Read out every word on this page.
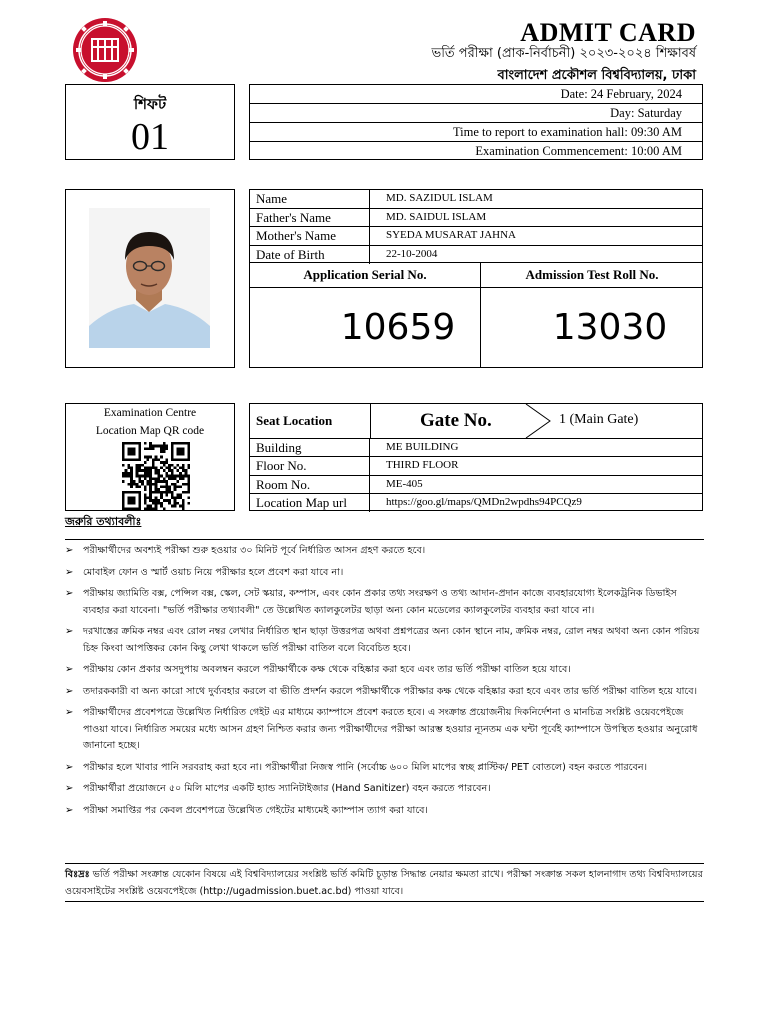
ADMIT CARD
ভর্তি পরীক্ষা (প্রাক-নির্বাচনী) ২০২৩-২০২৪ শিক্ষাবর্ষ
বাংলাদেশ প্রকৌশল বিশ্ববিদ্যালয়, ঢাকা
শিফট
01
Date: 24 February, 2024
Day: Saturday
Time to report to examination hall: 09:30 AM
Examination Commencement: 10:00 AM
Name	MD. SAZIDUL ISLAM
Father's Name	MD. SAIDUL ISLAM
Mother's Name	SYEDA MUSARAT JAHNA
Date of Birth	22-10-2004
Application Serial No.	Admission Test Roll No.
10659	13030
Examination Centre
Location Map QR code
Seat Location	Gate No.	1 (Main Gate)
Building	ME BUILDING
Floor No.	THIRD FLOOR
Room No.	ME-405
Location Map url	https://goo.gl/maps/QMDn2wpdhs94PCQz9
জরুরি তথ্যাবলীঃ
➢ পরীক্ষার্থীদের অবশ্যই পরীক্ষা শুরু হওয়ার ৩০ মিনিট পূর্বে নির্ধারিত আসন গ্রহণ করতে হবে।
➢ মোবাইল ফোন ও স্মার্ট ওয়াচ নিয়ে পরীক্ষার হলে প্রবেশ করা যাবে না।
➢ পরীক্ষায় জ্যামিতি বক্স, পেন্সিল বক্স, স্কেল, সেট স্কয়ার, কম্পাস, এবং কোন প্রকার তথ্য সংরক্ষণ ও তথ্য আদান-প্রদান কাজে ব্যবহারযোগ্য ইলেকট্রনিক ডিভাইস ব্যবহার করা যাবেনা। "ভর্তি পরীক্ষার তথ্যাবলী" তে উল্লেখিত ক্যালকুলেটর ছাড়া অন্য কোন মডেলের ক্যালকুলেটর ব্যবহার করা যাবে না।
➢ দরখাস্তের ক্রমিক নম্বর এবং রোল নম্বর লেখার নির্ধারিত স্থান ছাড়া উত্তরপত্র অথবা প্রশ্নপত্রের অন্য কোন স্থানে নাম, ক্রমিক নম্বর, রোল নম্বর অথবা অন্য কোন পরিচয় চিহ্ন কিংবা আপত্তিকর কোন কিছু লেখা থাকলে ভর্তি পরীক্ষা বাতিল বলে বিবেচিত হবে।
➢ পরীক্ষায় কোন প্রকার অসদুপায় অবলম্বন করলে পরীক্ষার্থীকে কক্ষ থেকে বহিষ্কার করা হবে এবং তার ভর্তি পরীক্ষা বাতিল হয়ে যাবে।
➢ তদারককারী বা অন্য কারো সাথে দুর্ব্যবহার করলে বা ভীতি প্রদর্শন করলে পরীক্ষার্থীকে পরীক্ষার কক্ষ থেকে বহিষ্কার করা হবে এবং তার ভর্তি পরীক্ষা বাতিল হয়ে যাবে।
➢ পরীক্ষার্থীদের প্রবেশপত্রে উল্লেখিত নির্ধারিত গেইট এর মাধ্যমে ক্যাম্পাসে প্রবেশ করতে হবে। এ সংক্রান্ত প্রয়োজনীয় দিকনির্দেশনা ও মানচিত্র সংশ্লিষ্ট ওয়েবপেইজে পাওয়া যাবে। নির্ধারিত সময়ের মধ্যে আসন গ্রহণ নিশ্চিত করার জন্য পরীক্ষার্থীদের পরীক্ষা আরম্ভ হওয়ার ন্যূনতম এক ঘন্টা পূর্বেই ক্যাম্পাসে উপস্থিত হওয়ার অনুরোধ জানানো হচ্ছে।
➢ পরীক্ষার হলে খাবার পানি সরবরাহ করা হবে না। পরীক্ষার্থীরা নিজস্ব পানি (সর্বোচ্চ ৬০০ মিলি মাপের স্বচ্ছ প্লাস্টিক/ PET বোতলে) বহন করতে পারবেন।
➢ পরীক্ষার্থীরা প্রয়োজনে ৫০ মিলি মাপের একটি হ্যান্ড স্যানিটাইজার (Hand Sanitizer) বহন করতে পারবেন।
➢ পরীক্ষা সমাপ্তির পর কেবল প্রবেশপত্রে উল্লেখিত গেইটের মাধ্যমেই ক্যাম্পাস ত্যাগ করা যাবে।
বিঃদ্রঃ ভর্তি পরীক্ষা সংক্রান্ত যেকোন বিষয়ে এই বিশ্ববিদ্যালয়ের সংশ্লিষ্ট ভর্তি কমিটি চূড়ান্ত সিদ্ধান্ত নেয়ার ক্ষমতা রাখে। পরীক্ষা সংক্রান্ত সকল হালনাগাদ তথ্য বিশ্ববিদ্যালয়ের ওয়েবসাইটের সংশ্লিষ্ট ওয়েবপেইজে (http://ugadmission.buet.ac.bd) পাওয়া যাবে।
